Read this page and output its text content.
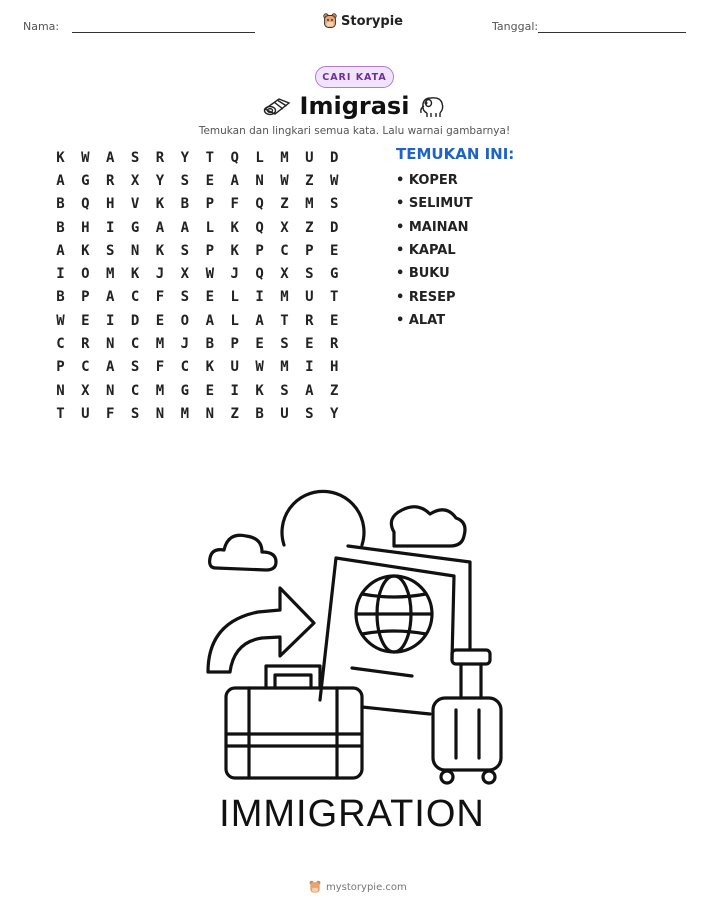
Nama:	Storypie	Tanggal:
CARI KATA
Imigrasi
Temukan dan lingkari semua kata. Lalu warnai gambarnya!
K	W	A	S	R	Y	T	Q	L	M	U	D
A	G	R	X	Y	S	E	A	N	W	Z	W
B	Q	H	V	K	B	P	F	Q	Z	M	S
B	H	I	G	A	A	L	K	Q	X	Z	D
A	K	S	N	K	S	P	K	P	C	P	E
I	O	M	K	J	X	W	J	Q	X	S	G
B	P	A	C	F	S	E	L	I	M	U	T
W	E	I	D	E	O	A	L	A	T	R	E
C	R	N	C	M	J	B	P	E	S	E	R
P	C	A	S	F	C	K	U	W	M	I	H
N	X	N	C	M	G	E	I	K	S	A	Z
T	U	F	S	N	M	N	Z	B	U	S	Y
TEMUKAN INI:
• KOPER
• SELIMUT
• MAINAN
• KAPAL
• BUKU
• RESEP
• ALAT
IMMIGRATION
mystorypie.com
